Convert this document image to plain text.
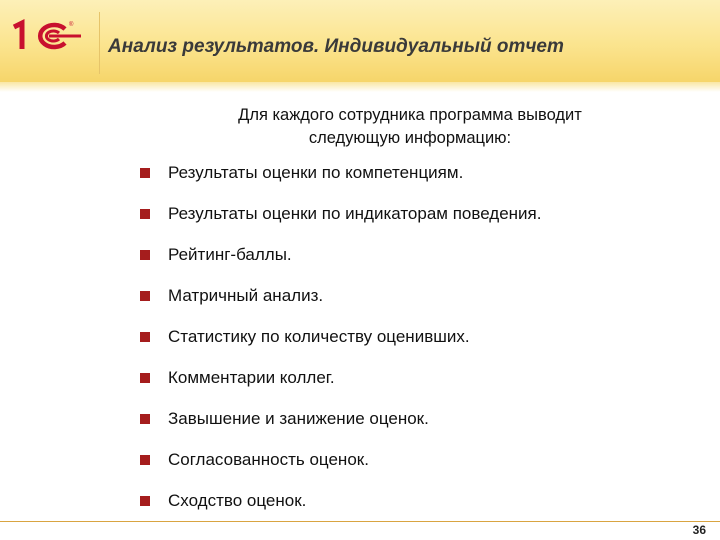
®
1С
Анализ результатов. Индивидуальный отчет
Для каждого сотрудника программа выводит
следующую информацию:
Результаты оценки по компетенциям.
Результаты оценки по индикаторам поведения.
Рейтинг-баллы.
Матричный анализ.
Статистику по количеству оценивших.
Комментарии коллег.
Завышение и занижение оценок.
Согласованность оценок.
Сходство оценок.
36
